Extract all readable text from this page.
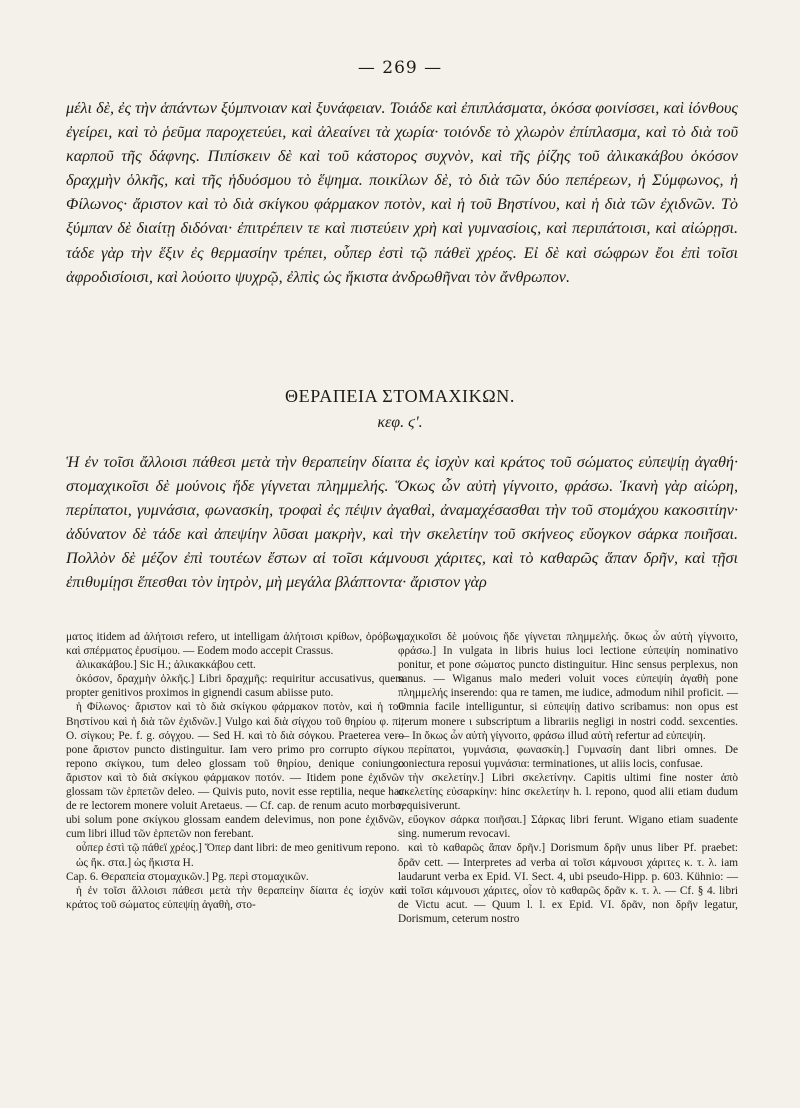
— 269 —

μέλι δὲ, ἐς τὴν ἁπάντων ξύμπνοιαν καὶ ξυνάφειαν. Τοιάδε καὶ ἐπιπλάσματα, ὁκόσα φοινίσσει, καὶ ἰόνθους ἐγείρει, καὶ τὸ ῥεῦμα παροχετεύει, καὶ ἀλεαίνει τὰ χωρία· τοιόνδε τὸ χλωρὸν ἐπίπλασμα, καὶ τὸ διὰ τοῦ καρποῦ τῆς δάφνης. Πιπίσκειν δὲ καὶ τοῦ κάστορος συχνὸν, καὶ τῆς ῥίζης τοῦ ἀλικακάβου ὁκόσον δραχμὴν ὁλκῆς, καὶ τῆς ἡδυόσμου τὸ ἕψημα. ποικίλων δὲ, τὸ διὰ τῶν δύο πεπέρεων, ἡ Σύμφωνος, ἡ Φίλωνος· ἄριστον καὶ τὸ διὰ σκίγκου φάρμακον ποτὸν, καὶ ἡ τοῦ Βηστίνου, καὶ ἡ διὰ τῶν ἐχιδνῶν. Τὸ ξύμπαν δὲ διαίτῃ διδόναι· ἐπιτρέπειν τε καὶ πιστεύειν χρὴ καὶ γυμνασίοις, καὶ περιπάτοισι, καὶ αἰώρῃσι. τάδε γὰρ τὴν ἕξιν ἐς θερμασίην τρέπει, οὗπερ ἐστὶ τῷ πάθεϊ χρέος. Εἰ δὲ καὶ σώφρων ἔοι ἐπὶ τοῖσι ἀφροδισίοισι, καὶ λούοιτο ψυχρῷ, ἐλπὶς ὡς ἥκιστα ἀνδρωθῆναι τὸν ἄνθρωπον.

ΘΕΡΑΠΕΙΑ ΣΤΟΜΑΧΙΚΩΝ.
κεφ. ϛ'.

Ἡ ἐν τοῖσι ἄλλοισι πάθεσι μετὰ τὴν θεραπείην δίαιτα ἐς ἰσχὺν καὶ κράτος τοῦ σώματος εὐπεψίῃ ἀγαθή· στομαχικοῖσι δὲ μούνοις ἥδε γίγνεται πλημμελής. Ὅκως ὧν αὐτὴ γίγνοιτο, φράσω. Ἱκανὴ γὰρ αἰώρη, περίπατοι, γυμνάσια, φωνασκίη, τροφαὶ ἐς πέψιν ἀγαθαὶ, ἀναμαχέσασθαι τὴν τοῦ στομάχου κακοσιτίην· ἀδύνατον δὲ τάδε καὶ ἀπεψίην λῦσαι μακρὴν, καὶ τὴν σκελετίην τοῦ σκήνεος εὔογκον σάρκα ποιῆσαι. Πολλὸν δὲ μέζον ἐπὶ τουτέων ἔστων αἱ τοῖσι κάμνουσι χάριτες, καὶ τὸ καθαρῶς ἅπαν δρῆν, καὶ τῇσι ἐπιθυμίῃσι ἕπεσθαι τὸν ἰητρὸν, μὴ μεγάλα βλάπτοντα· ἄριστον γὰρ

ματος itidem ad ἀλήτοισι refero, ut intelligam ἀλήτοισι κρίθων, ὀρόβων, καὶ σπέρματος ἐρυσίμου. — Eodem modo accepit Crassus.

ἀλικακάβου.] Sic H.; ἀλικακκάβου cett.

ὁκόσον, δραχμὴν ὁλκῆς.] Libri δραχμῆς: requiritur accusativus, quem propter genitivos proximos in gignendi casum abiisse puto.

ἡ Φίλωνος· ἄριστον καὶ τὸ διὰ σκίγκου φάρμακον ποτὸν, καὶ ἡ τοῦ Βηστίνου καὶ ἡ διὰ τῶν ἐχιδνῶν.] Vulgo καὶ διὰ σίγχου τοῦ θηρίου φ. π.; O. σίγκου; Pe. f. g. σόγχου. — Sed H. καὶ τὸ διὰ σόγκου. Praeterea vero pone ἄριστον puncto distinguitur. Iam vero primo pro corrupto σίγκου repono σκίγκου, tum deleo glossam τοῦ θηρίου, denique coniungo ἄριστον καὶ τὸ διὰ σκίγκου φάρμακον ποτόν. — Itidem pone ἐχιδνῶν glossam τῶν ἑρπετῶν deleo. — Quivis puto, novit esse reptilia, neque hac de re lectorem monere voluit Aretaeus. — Cf. cap. de renum acuto morbo, ubi solum pone σκίγκου glossam eandem delevimus, non pone ἐχιδνῶν, cum libri illud τῶν ἑρπετῶν non ferebant.

οὗπερ ἐστὶ τῷ πάθεϊ χρέος.] Ὅπερ dant libri: de meo genitivum repono.

ὡς ἥκ. στα.] ὡς ἥκιστα H.

Cap. 6. Θεραπεία στομαχικῶν.] Pg. περὶ στομαχικῶν.

ἡ ἐν τοῖσι ἄλλοισι πάθεσι μετὰ τὴν θεραπείην δίαιτα ἐς ἰσχὺν καὶ κράτος τοῦ σώματος εὐπεψίῃ ἀγαθὴ, στο-

μαχικοῖσι δὲ μούνοις ἥδε γίγνεται πλημμελής. ὅκως ὧν αὐτὴ γίγνοιτο, φράσω.] In vulgata in libris huius loci lectione εὐπεψίη nominativo ponitur, et pone σώματος puncto distinguitur. Hinc sensus perplexus, non sanus. — Wiganus malo mederi voluit voces εὐπεψίη ἀγαθὴ pone πλημμελής inserendo: qua re tamen, me iudice, admodum nihil proficit. — Omnia facile intelliguntur, si εὐπεψίῃ dativo scribamus: non opus est iterum monere ι subscriptum a librariis negligi in nostri codd. sexcenties. — In ὅκως ὧν αὐτὴ γίγνοιτο, φράσω illud αὐτὴ refertur ad εὐπεψίη.

περίπατοι, γυμνάσια, φωνασκίη.] Γυμνασίη dant libri omnes. De coniectura reposui γυμνάσια: terminationes, ut aliis locis, confusae.

τὴν σκελετίην.] Libri σκελετίνην. Capitis ultimi fine noster ἀπὸ σκελετίης εὐσαρκίην: hinc σκελετίην h. l. repono, quod alii etiam dudum requisiverunt.

εὔογκον σάρκα ποιῆσαι.] Σάρκας libri ferunt. Wigano etiam suadente sing. numerum revocavi.

καὶ τὸ καθαρῶς ἅπαν δρῆν.] Dorismum δρῆν unus liber Pf. praebet: δρᾶν cett. — Interpretes ad verba αἱ τοῖσι κάμνουσι χάριτες κ. τ. λ. iam laudarunt verba ex Epid. VI. Sect. 4, ubi pseudo-Hipp. p. 603. Kühnio: — αἱ τοῖσι κάμνουσι χάριτες, οἷον τὸ καθαρῶς δρᾶν κ. τ. λ. — Cf. § 4. libri de Victu acut. — Quum l. l. ex Epid. VI. δρᾶν, non δρῆν legatur, Dorismum, ceterum nostro
